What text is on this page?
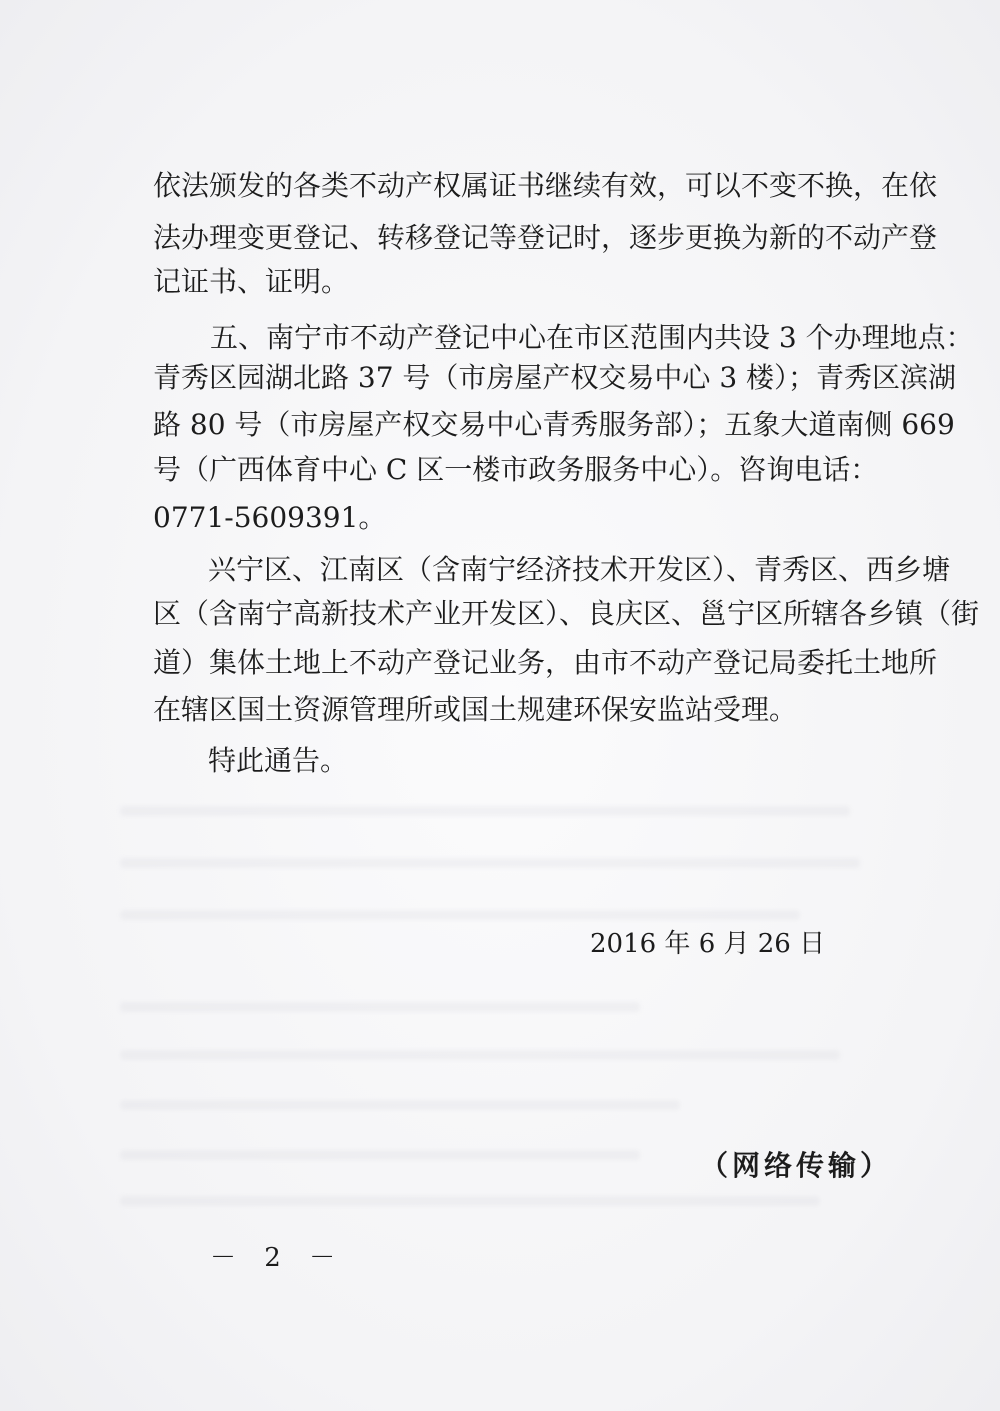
依法颁发的各类不动产权属证书继续有效，可以不变不换，在依
法办理变更登记、转移登记等登记时，逐步更换为新的不动产登
记证书、证明。
五、南宁市不动产登记中心在市区范围内共设 3 个办理地点：
青秀区园湖北路 37 号（市房屋产权交易中心 3 楼）；青秀区滨湖
路 80 号（市房屋产权交易中心青秀服务部）；五象大道南侧 669
号（广西体育中心 C 区一楼市政务服务中心）。咨询电话：
0771-5609391。
兴宁区、江南区（含南宁经济技术开发区）、青秀区、西乡塘
区（含南宁高新技术产业开发区）、良庆区、邕宁区所辖各乡镇（街
道）集体土地上不动产登记业务，由市不动产登记局委托土地所
在辖区国土资源管理所或国土规建环保安监站受理。
特此通告。
2016 年 6 月 26 日
（网络传输）
－ 2 －
